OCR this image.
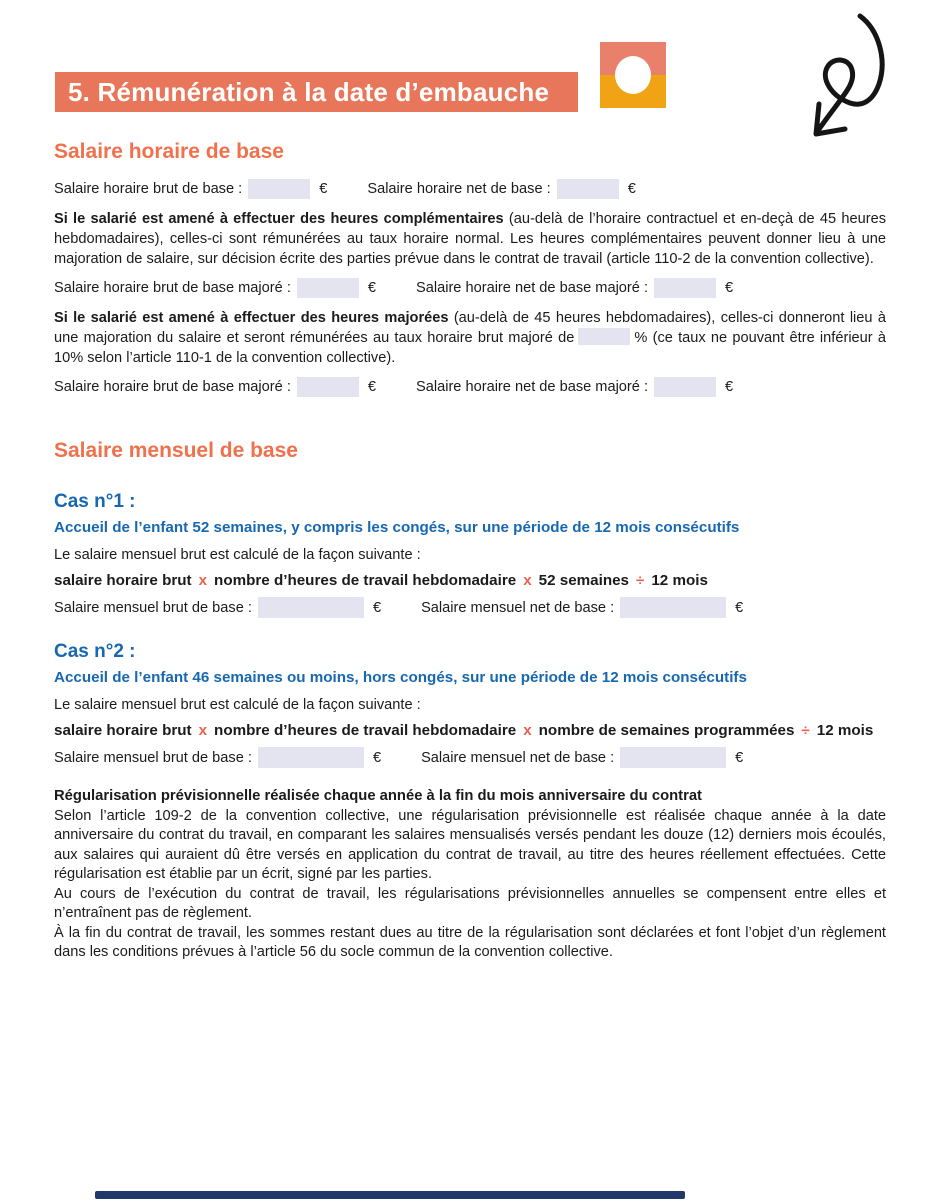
5. Rémunération à la date d’embauche
Salaire horaire de base
Salaire horaire brut de base :	€	Salaire horaire net de base :	€

Si le salarié est amené à effectuer des heures complémentaires (au-delà de l’horaire contractuel et en-deçà de 45 heures hebdomadaires), celles-ci sont rémunérées au taux horaire normal. Les heures complémentaires peuvent donner lieu à une majoration de salaire, sur décision écrite des parties prévue dans le contrat de travail (article 110-2 de la convention collective).

Salaire horaire brut de base majoré :	€	Salaire horaire net de base majoré :	€

Si le salarié est amené à effectuer des heures majorées (au-delà de 45 heures hebdomadaires), celles-ci donneront lieu à une majoration du salaire et seront rémunérées au taux horaire brut majoré de	% (ce taux ne pouvant être inférieur à 10% selon l’article 110-1 de la convention collective).

Salaire horaire brut de base majoré :	€	Salaire horaire net de base majoré :	€
Salaire mensuel de base
Cas n°1 :
Accueil de l’enfant 52 semaines, y compris les congés, sur une période de 12 mois consécutifs
Le salaire mensuel brut est calculé de la façon suivante :
salaire horaire brut x nombre d’heures de travail hebdomadaire x 52 semaines ÷ 12 mois
Salaire mensuel brut de base :	€	Salaire mensuel net de base :	€
Cas n°2 :
Accueil de l’enfant 46 semaines ou moins, hors congés, sur une période de 12 mois consécutifs
Le salaire mensuel brut est calculé de la façon suivante :
salaire horaire brut x nombre d’heures de travail hebdomadaire x nombre de semaines programmées ÷ 12 mois
Salaire mensuel brut de base :	€	Salaire mensuel net de base :	€
Régularisation prévisionnelle réalisée chaque année à la fin du mois anniversaire du contrat
Selon l’article 109-2 de la convention collective, une régularisation prévisionnelle est réalisée chaque année à la date anniversaire du contrat du travail, en comparant les salaires mensualisés versés pendant les douze (12) derniers mois écoulés, aux salaires qui auraient dû être versés en application du contrat de travail, au titre des heures réellement effectuées. Cette régularisation est établie par un écrit, signé par les parties.
Au cours de l’exécution du contrat de travail, les régularisations prévisionnelles annuelles se compensent entre elles et n’entraînent pas de règlement.
À la fin du contrat de travail, les sommes restant dues au titre de la régularisation sont déclarées et font l’objet d’un règlement dans les conditions prévues à l’article 56 du socle commun de la convention collective.
